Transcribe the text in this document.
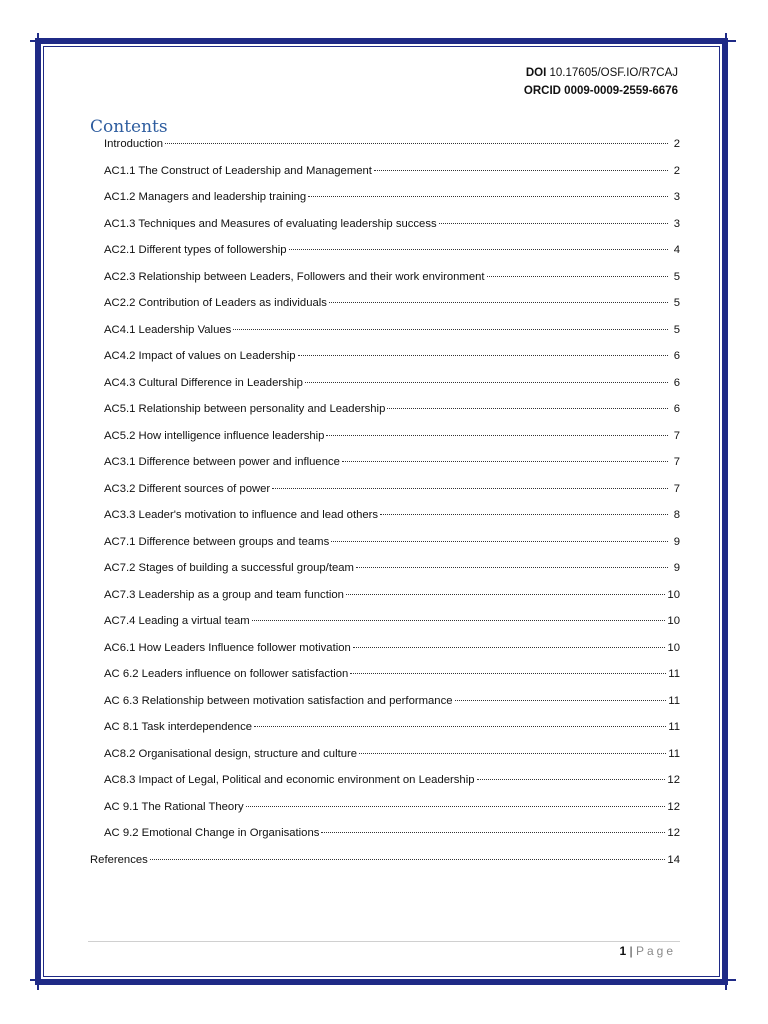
DOI 10.17605/OSF.IO/R7CAJ
ORCID 0009-0009-2559-6676
Contents
Introduction	2
AC1.1 The Construct of Leadership and Management	2
AC1.2 Managers and leadership training	3
AC1.3 Techniques and Measures of evaluating leadership success	3
AC2.1 Different types of followership	4
AC2.3 Relationship between Leaders, Followers and their work environment	5
AC2.2 Contribution of Leaders as individuals	5
AC4.1 Leadership Values	5
AC4.2 Impact of values on Leadership	6
AC4.3 Cultural Difference in Leadership	6
AC5.1 Relationship between personality and Leadership	6
AC5.2 How intelligence influence leadership	7
AC3.1 Difference between power and influence	7
AC3.2 Different sources of power	7
AC3.3 Leader's motivation to influence and lead others	8
AC7.1 Difference between groups and teams	9
AC7.2 Stages of building a successful group/team	9
AC7.3 Leadership as a group and team function	10
AC7.4 Leading a virtual team	10
AC6.1 How Leaders Influence follower motivation	10
AC 6.2 Leaders influence on follower satisfaction	11
AC 6.3 Relationship between motivation satisfaction and performance	11
AC 8.1 Task interdependence	11
AC8.2 Organisational design, structure and culture	11
AC8.3 Impact of Legal, Political and economic environment on Leadership	12
AC 9.1 The Rational Theory	12
AC 9.2 Emotional Change in Organisations	12
References	14
1 | Page
